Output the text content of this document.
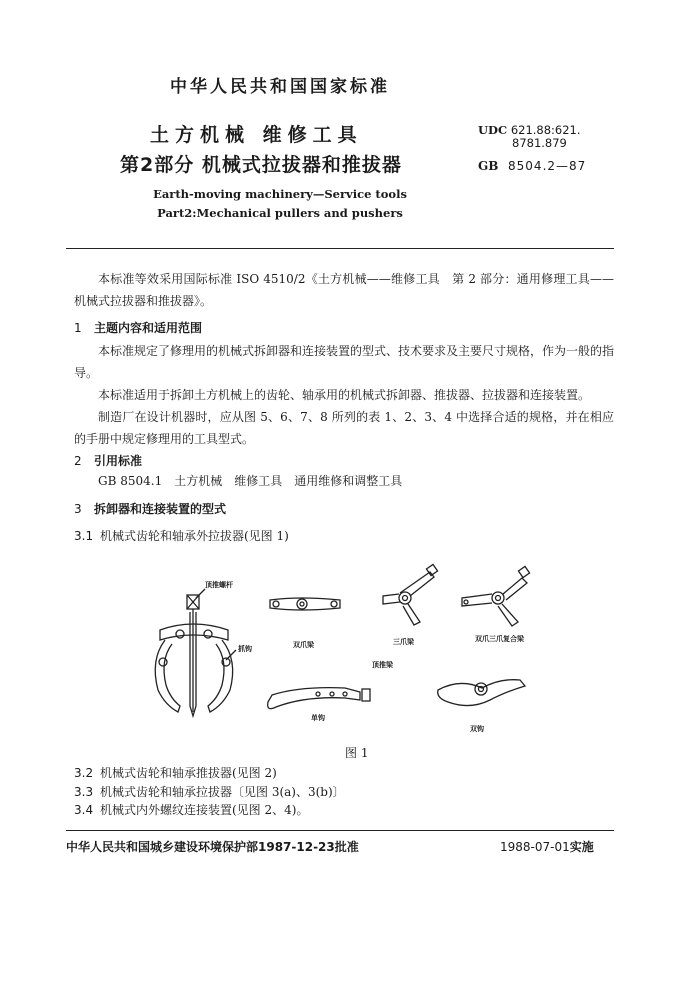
中华人民共和国国家标准
土方机械 维修工具
第2部分 机械式拉拔器和推拔器
UDC 621.88:621.
8781.879
GB 8504.2—87
Earth-moving machinery—Service tools
Part2:Mechanical pullers and pushers
本标准等效采用国际标准 ISO 4510/2《土方机械——维修工具　第 2 部分：通用修理工具——机械式拉拔器和推拔器》。
1 主题内容和适用范围
本标准规定了修理用的机械式拆卸器和连接装置的型式、技术要求及主要尺寸规格，作为一般的指导。
本标准适用于拆卸土方机械上的齿轮、轴承用的机械式拆卸器、推拔器、拉拔器和连接装置。
制造厂在设计机器时，应从图 5、6、7、8 所列的表 1、2、3、4 中选择合适的规格，并在相应的手册中规定修理用的工具型式。
2 引用标准
GB 8504.1　土方机械　维修工具　通用维修和调整工具
3 拆卸器和连接装置的型式
3.1 机械式齿轮和轴承外拉拔器(见图 1)
顶推螺杆
抓钩	双爪梁	三爪梁	双爪三爪复合梁
顶推梁
单钩
双钩
图 1
3.2 机械式齿轮和轴承推拔器(见图 2)
3.3 机械式齿轮和轴承拉拔器〔见图 3(a)、3(b)〕
3.4 机械式内外螺纹连接装置(见图 2、4)。
中华人民共和国城乡建设环境保护部1987-12-23批准	1988-07-01实施
